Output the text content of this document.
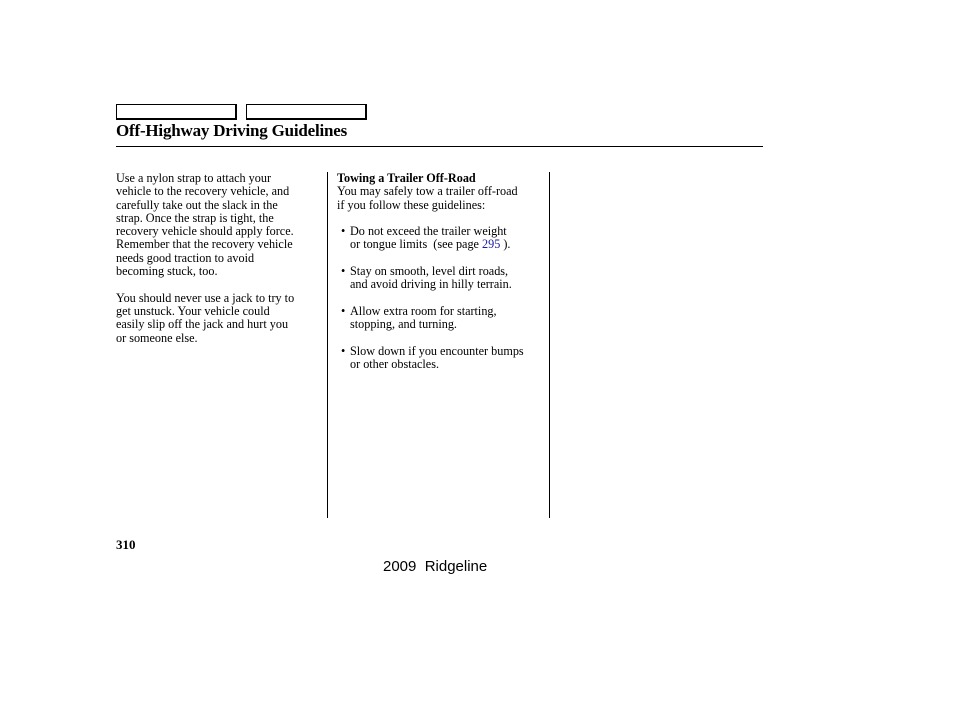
Off-Highway Driving Guidelines

Use a nylon strap to attach your

vehicle to the recovery vehicle, and

carefully take out the slack in the

strap. Once the strap is tight, the

recovery vehicle should apply force.

Remember that the recovery vehicle

needs good traction to avoid

becoming stuck, too.

You should never use a jack to try to

get unstuck. Your vehicle could

easily slip off the jack and hurt you

or someone else.

Towing a Trailer Off-Road

You may safely tow a trailer off-road

if you follow these guidelines:

• Do not exceed the trailer weight

or tongue limits  (see page 295 ).

• Stay on smooth, level dirt roads,

and avoid driving in hilly terrain.

• Allow extra room for starting,

stopping, and turning.

• Slow down if you encounter bumps

or other obstacles.

310
2009  Ridgeline
